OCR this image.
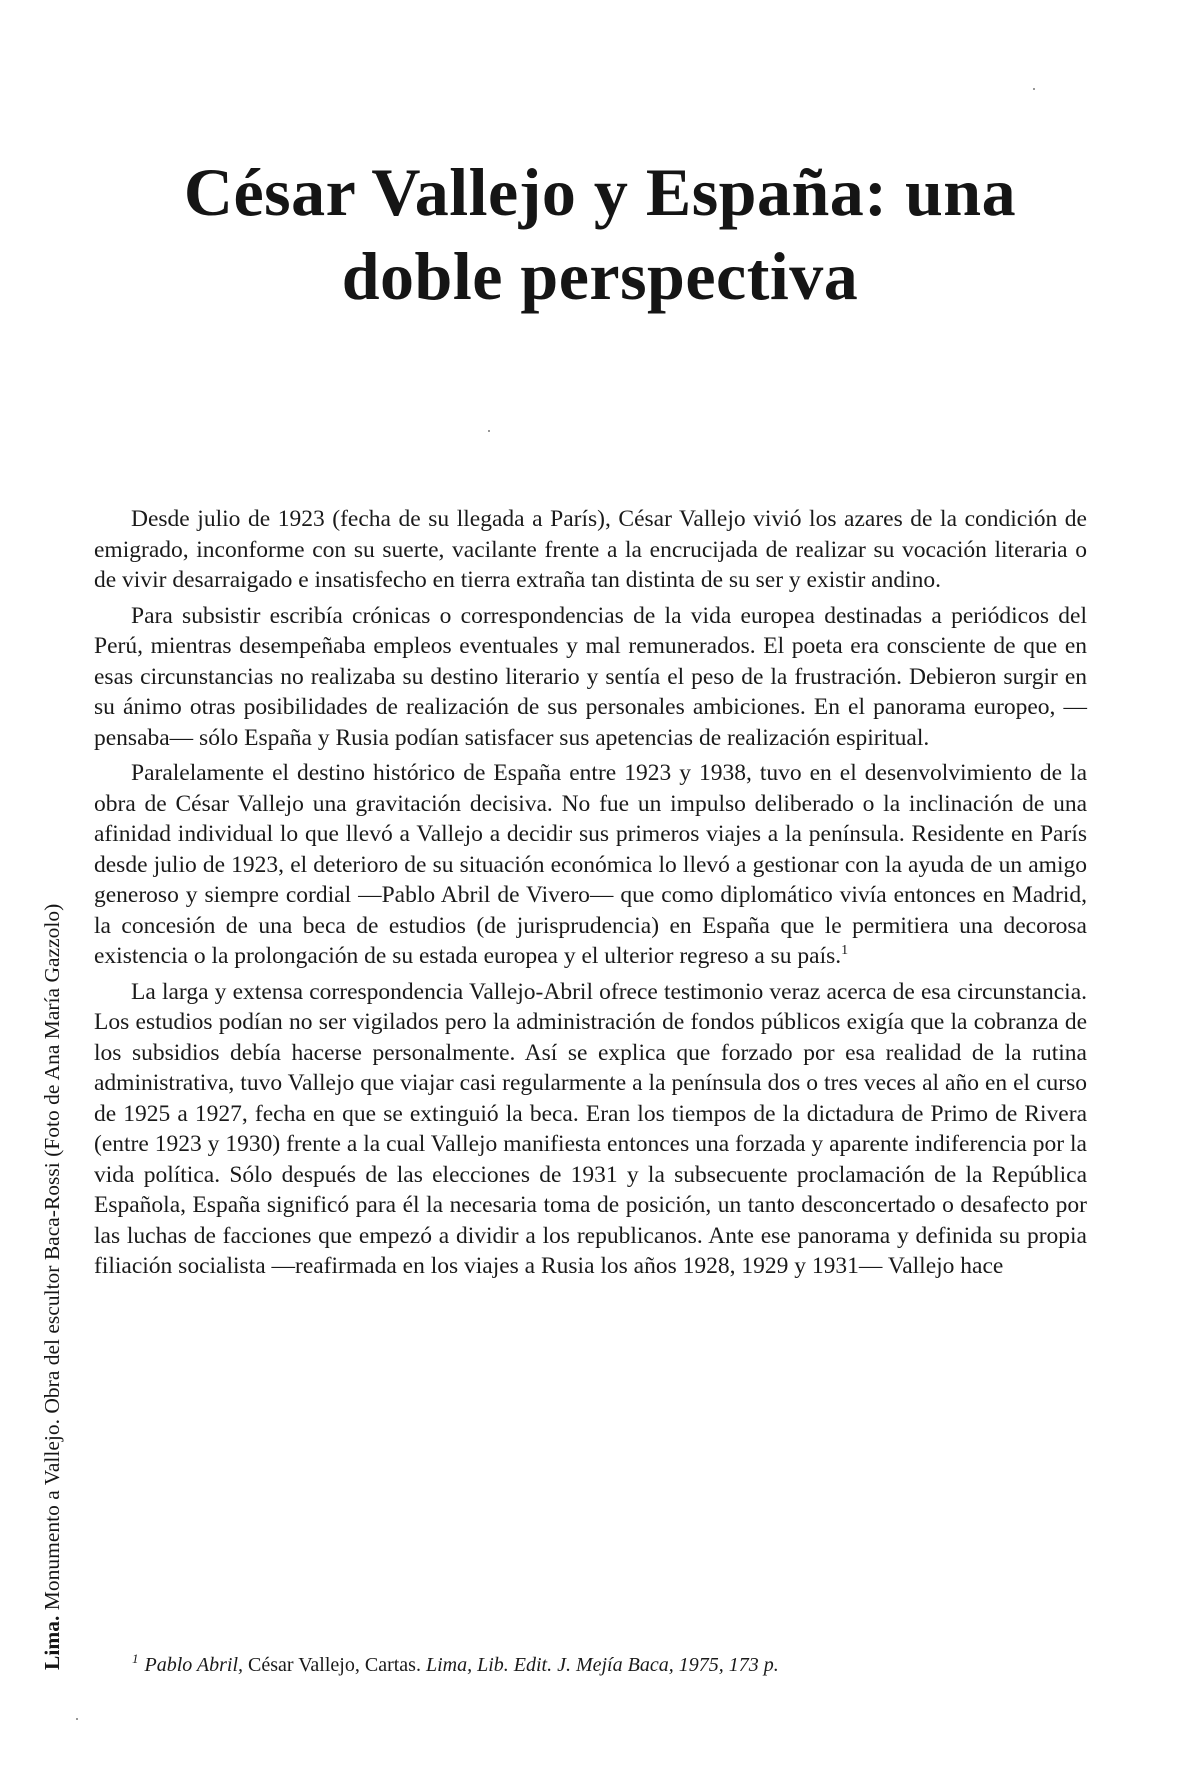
César Vallejo y España: una
doble perspectiva

Desde julio de 1923 (fecha de su llegada a París), César Vallejo vivió los azares de la condición de emigrado, inconforme con su suerte, vacilante frente a la encrucijada de realizar su vocación literaria o de vivir desarraigado e insatisfecho en tierra extraña tan distinta de su ser y existir andino.

Para subsistir escribía crónicas o correspondencias de la vida europea destinadas a periódicos del Perú, mientras desempeñaba empleos eventuales y mal remunerados. El poeta era consciente de que en esas circunstancias no realizaba su destino literario y sentía el peso de la frustración. Debieron surgir en su ánimo otras posibilidades de realización de sus personales ambiciones. En el panorama europeo, —pensaba— sólo España y Rusia podían satisfacer sus apetencias de realización espiritual.

Paralelamente el destino histórico de España entre 1923 y 1938, tuvo en el desenvolvimiento de la obra de César Vallejo una gravitación decisiva. No fue un impulso deliberado o la inclinación de una afinidad individual lo que llevó a Vallejo a decidir sus primeros viajes a la península. Residente en París desde julio de 1923, el deterioro de su situación económica lo llevó a gestionar con la ayuda de un amigo generoso y siempre cordial —Pablo Abril de Vivero— que como diplomático vivía entonces en Madrid, la concesión de una beca de estudios (de jurisprudencia) en España que le permitiera una decorosa existencia o la prolongación de su estada europea y el ulterior regreso a su país.$^1$

La larga y extensa correspondencia Vallejo-Abril ofrece testimonio veraz acerca de esa circunstancia. Los estudios podían no ser vigilados pero la administración de fondos públicos exigía que la cobranza de los subsidios debía hacerse personalmente. Así se explica que forzado por esa realidad de la rutina administrativa, tuvo Vallejo que viajar casi regularmente a la península dos o tres veces al año en el curso de 1925 a 1927, fecha en que se extinguió la beca. Eran los tiempos de la dictadura de Primo de Rivera (entre 1923 y 1930) frente a la cual Vallejo manifiesta entonces una forzada y aparente indiferencia por la vida política. Sólo después de las elecciones de 1931 y la subsecuente proclamación de la República Española, España significó para él la necesaria toma de posición, un tanto desconcertado o desafecto por las luchas de facciones que empezó a dividir a los republicanos. Ante ese panorama y definida su propia filiación socialista —reafirmada en los viajes a Rusia los años 1928, 1929 y 1931— Vallejo hace

$^1$ Pablo Abril, César Vallejo, Cartas. Lima, Lib. Edit. J. Mejía Baca, 1975, 173 p.
Lima. Monumento a Vallejo. Obra del escultor Baca-Rossi (Foto de Ana María Gazzolo)
